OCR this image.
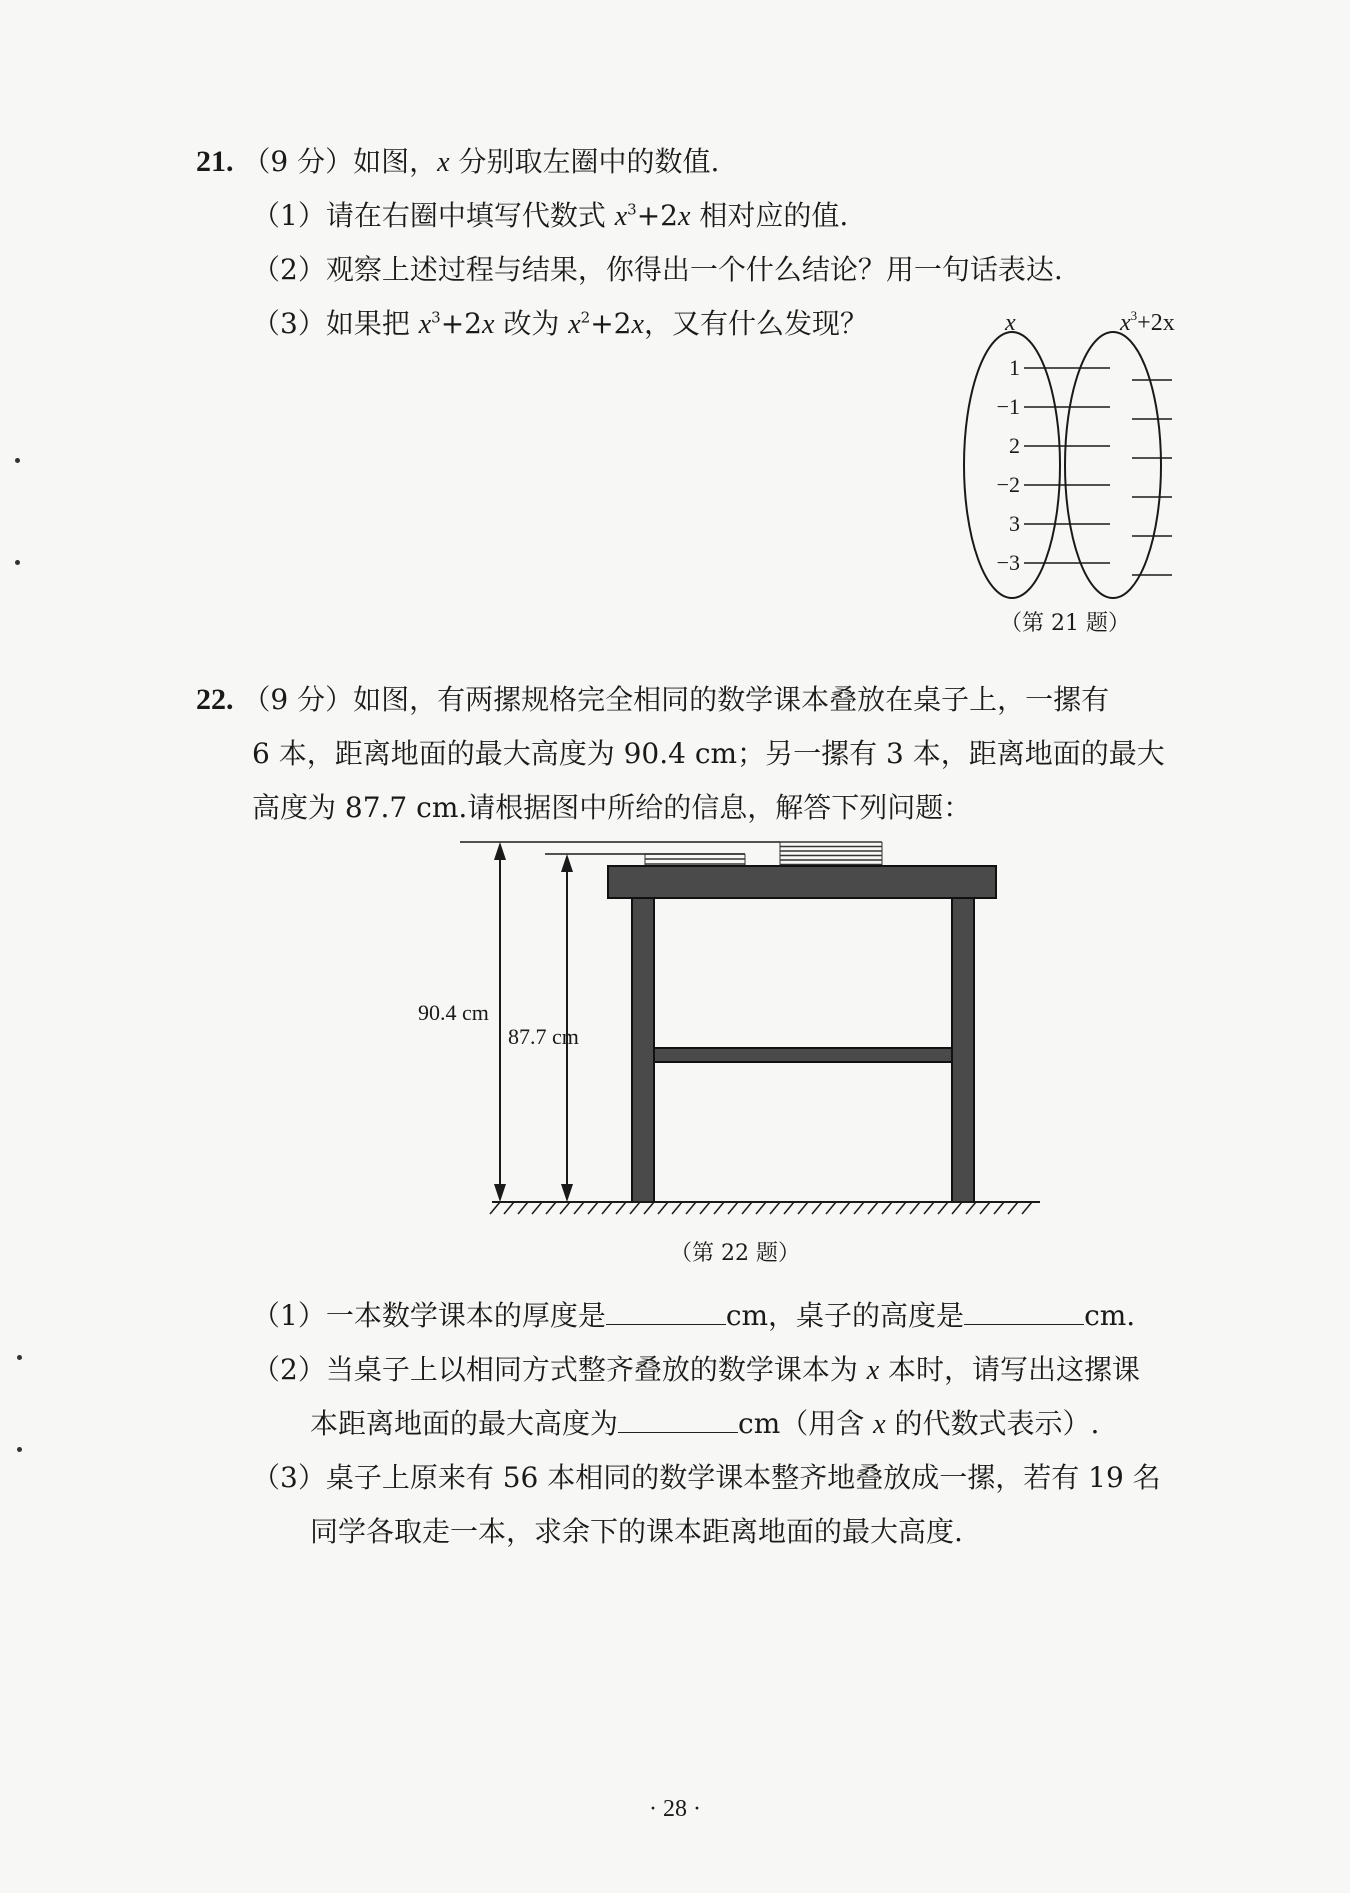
21. （9 分）如图，x 分别取左圈中的数值.
（1）请在右圈中填写代数式 $x^3+2x$ 相对应的值.
（2）观察上述过程与结果，你得出一个什么结论？用一句话表达.
（3）如果把 $x^3+2x$ 改为 $x^2+2x$，又有什么发现？	x	$x^3+2x$
1
−1
2
−2
3
−3
（第 21 题）
22. （9 分）如图，有两摞规格完全相同的数学课本叠放在桌子上，一摞有
6 本，距离地面的最大高度为 90.4 cm；另一摞有 3 本，距离地面的最大
高度为 87.7 cm.请根据图中所给的信息，解答下列问题：
90.4 cm
87.7 cm
（第 22 题）
（1）一本数学课本的厚度是	cm，桌子的高度是	cm.
（2）当桌子上以相同方式整齐叠放的数学课本为 x 本时，请写出这摞课
本距离地面的最大高度为	cm（用含 x 的代数式表示）.
（3）桌子上原来有 56 本相同的数学课本整齐地叠放成一摞，若有 19 名
同学各取走一本，求余下的课本距离地面的最大高度.
· 28 ·
